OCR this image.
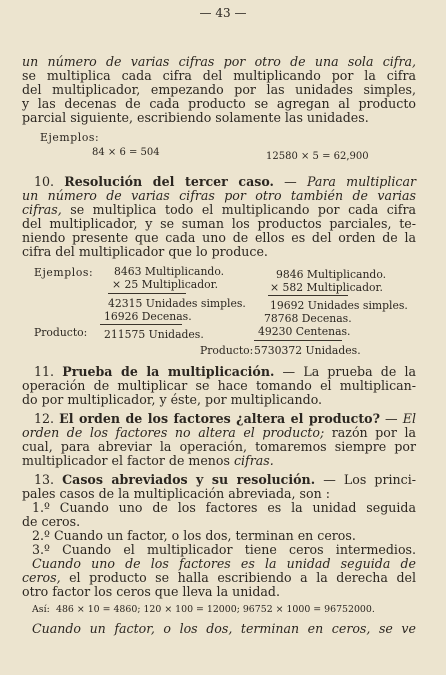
— 43 —
un número de varias cifras por otro de una sola cifra,
se multiplica cada cifra del multiplicando por la cifra
del multiplicador, empezando por las unidades simples,
y las decenas de cada producto se agregan al producto
parcial siguiente, escribiendo solamente las unidades.
10. Resolución del tercer caso. — Para multiplicar
un número de varias cifras por otro también de varias
cifras, se multiplica todo el multiplicando por cada cifra
del multiplicador, y se suman los productos parciales, te-
niendo presente que cada uno de ellos es del orden de la
cifra del multiplicador que lo produce.
11. Prueba de la multiplicación. — La prueba de la
operación de multiplicar se hace tomando el multiplican-
do por multiplicador, y éste, por multiplicando.
12. El orden de los factores ¿altera el producto? — El
orden de los factores no altera el producto; razón por la
cual, para abreviar la operación, tomaremos siempre por
multiplicador el factor de menos cifras.
13. Casos abreviados y su resolución. — Los princi-
pales casos de la multiplicación abreviada, son :
1.º Cuando uno de los factores es la unidad seguida
de ceros.
2.º Cuando un factor, o los dos, terminan en ceros.
3.º Cuando el multiplicador tiene ceros intermedios.
Cuando uno de los factores es la unidad seguida de
ceros, el producto se halla escribiendo a la derecha del
otro factor los ceros que lleva la unidad.
Cuando un factor, o los dos, terminan en ceros, se ve
Ejemplos:
84 × 6 = 504	12580 × 5 = 62,900
Ejemplos: 8463 Multiplicando.
× 25 Multiplicador.
42315 Unidades simples.
16926 Decenas.
Producto: 211575 Unidades.
9846 Multiplicando.
× 582 Multiplicador.
19692 Unidades simples.
78768 Decenas.
49230 Centenas.
Producto: 5730372 Unidades.
Así: 486 × 10 = 4860; 120 × 100 = 12000; 96752 × 1000 = 96752000.
